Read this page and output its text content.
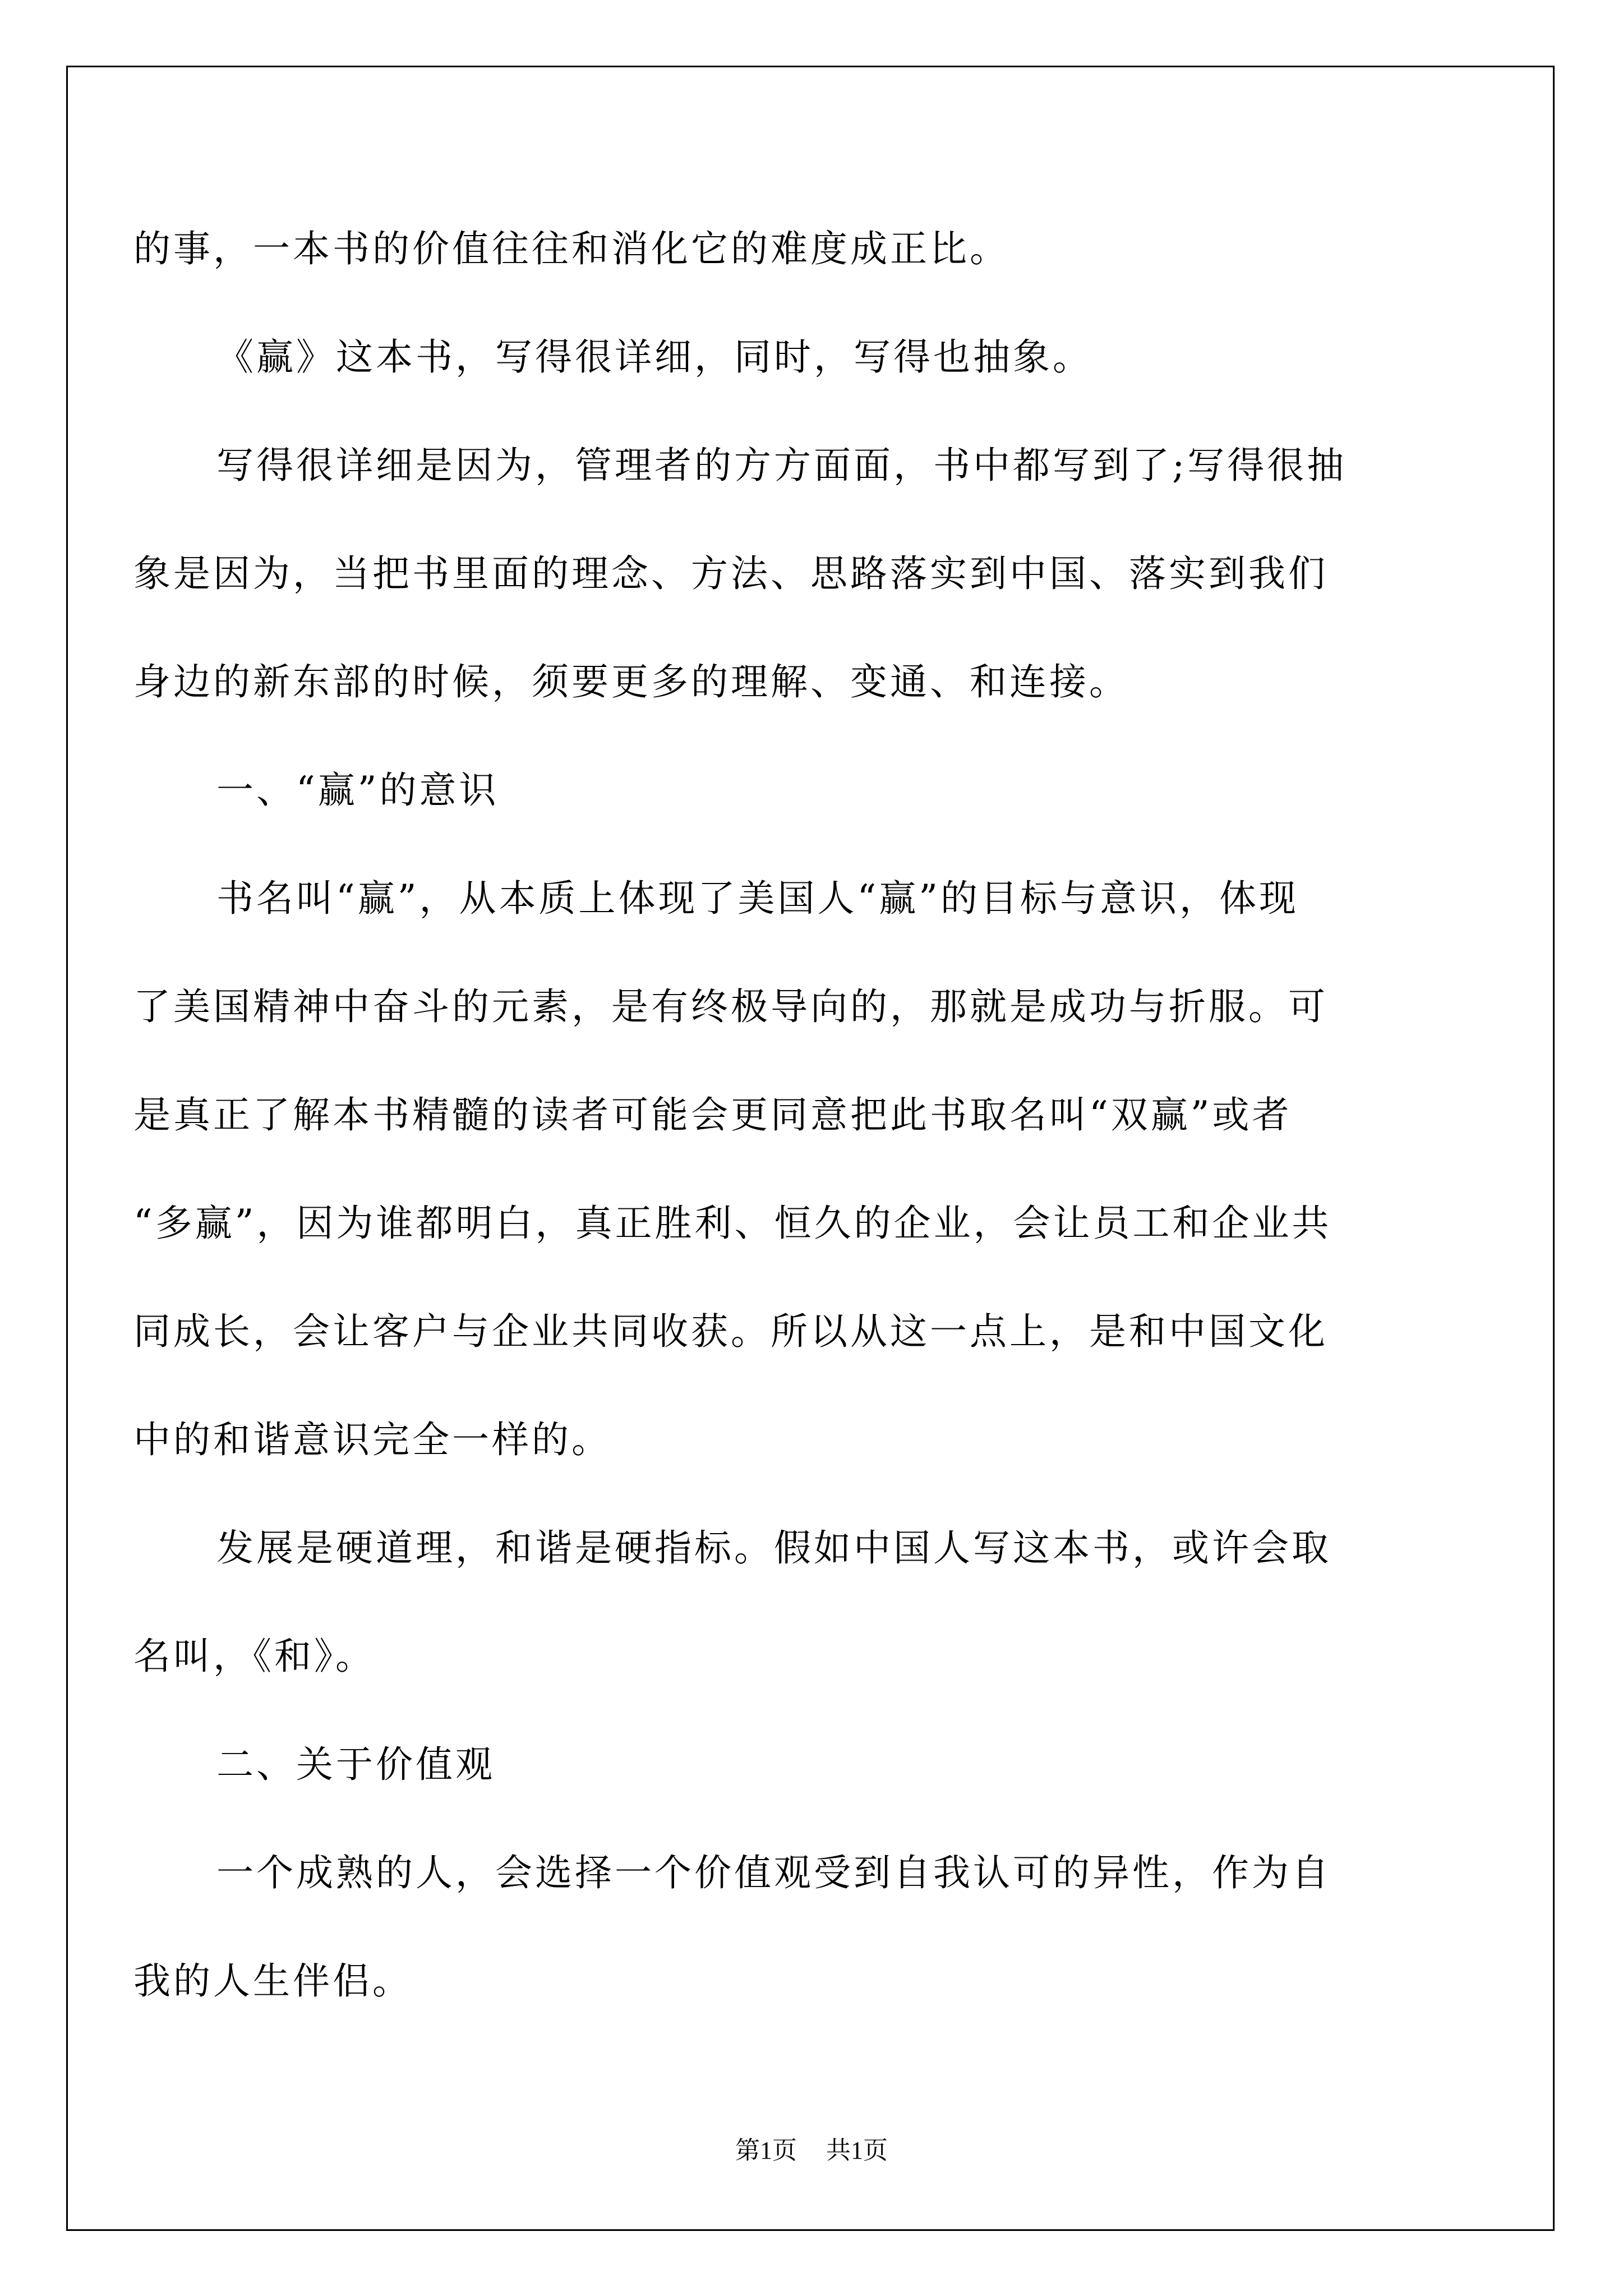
的事，一本书的价值往往和消化它的难度成正比。
《赢》这本书，写得很详细，同时，写得也抽象。
写得很详细是因为，管理者的方方面面，书中都写到了;写得很抽
象是因为，当把书里面的理念、方法、思路落实到中国、落实到我们
身边的新东部的时候，须要更多的理解、变通、和连接。
一、“赢”的意识
书名叫“赢”，从本质上体现了美国人“赢”的目标与意识，体现
了美国精神中奋斗的元素，是有终极导向的，那就是成功与折服。可
是真正了解本书精髓的读者可能会更同意把此书取名叫“双赢”或者
“多赢”，因为谁都明白，真正胜利、恒久的企业，会让员工和企业共
同成长，会让客户与企业共同收获。所以从这一点上，是和中国文化
中的和谐意识完全一样的。
发展是硬道理，和谐是硬指标。假如中国人写这本书，或许会取
名叫，《和》。
二、关于价值观
一个成熟的人，会选择一个价值观受到自我认可的异性，作为自
我的人生伴侣。
第1页 共1页
